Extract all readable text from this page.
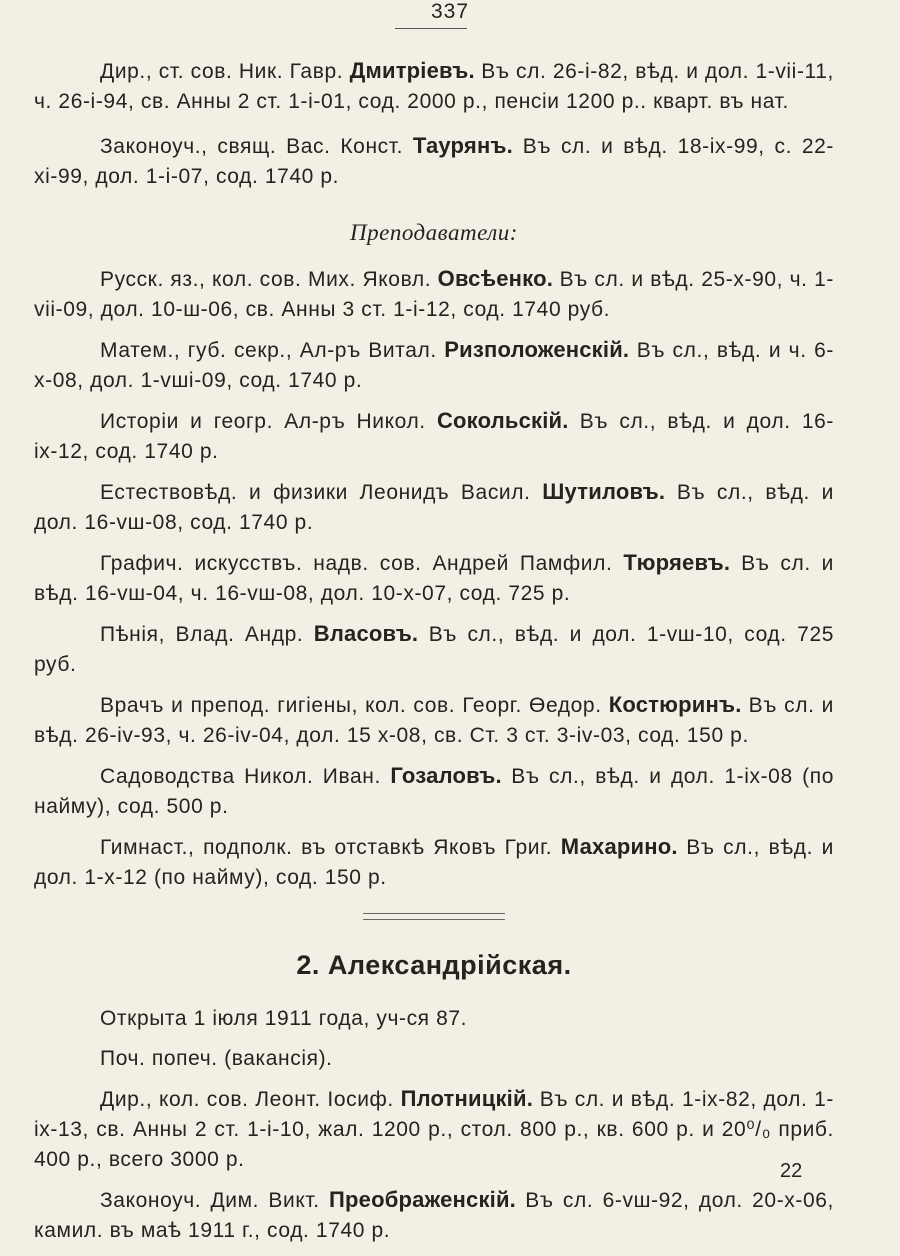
337

Дир., ст. сов. Ник. Гавр. Дмитріевъ. Въ сл. 26-і-82, вѣд. и дол. 1-vіі-11, ч. 26-і-94, св. Анны 2 ст. 1-і-01, сод. 2000 р., пенсіи 1200 р.. кварт. въ нат.

Законоуч., свящ. Вас. Конст. Таурянъ. Въ сл. и вѣд. 18-іх-99, с. 22-хі-99, дол. 1-і-07, сод. 1740 р.

Преподаватели:

Русск. яз., кол. сов. Мих. Яковл. Овсѣенко. Въ сл. и вѣд. 25-х-90, ч. 1-vіі-09, дол. 10-ш-06, св. Анны 3 ст. 1-і-12, сод. 1740 руб.

Матем., губ. секр., Ал-ръ Витал. Ризположенскій. Въ сл., вѣд. и ч. 6-х-08, дол. 1-vші-09, сод. 1740 р.

Исторіи и геогр. Ал-ръ Никол. Сокольскій. Въ сл., вѣд. и дол. 16-іх-12, сод. 1740 р.

Естествовѣд. и физики Леонидъ Васил. Шутиловъ. Въ сл., вѣд. и дол. 16-vш-08, сод. 1740 р.

Графич. искусствъ. надв. сов. Андрей Памфил. Тюряевъ. Въ сл. и вѣд. 16-vш-04, ч. 16-vш-08, дол. 10-х-07, сод. 725 р.

Пѣнія, Влад. Андр. Власовъ. Въ сл., вѣд. и дол. 1-vш-10, сод. 725 руб.

Врачъ и препод. гигіены, кол. сов. Георг. Өедор. Костюринъ. Въ сл. и вѣд. 26-іv-93, ч. 26-іv-04, дол. 15 х-08, св. Ст. 3 ст. 3-іv-03, сод. 150 р.

Садоводства Никол. Иван. Гозаловъ. Въ сл., вѣд. и дол. 1-іх-08 (по найму), сод. 500 р.

Гимнаст., подполк. въ отставкѣ Яковъ Григ. Махарино. Въ сл., вѣд. и дол. 1-х-12 (по найму), сод. 150 р.

2. Александрійская.

Открыта 1 іюля 1911 года, уч-ся 87.

Поч. попеч. (вакансія).

Дир., кол. сов. Леонт. Іосиф. Плотницкій. Въ сл. и вѣд. 1-іх-82, дол. 1-іх-13, св. Анны 2 ст. 1-і-10, жал. 1200 р., стол. 800 р., кв. 600 р. и 20⁰/₀ приб. 400 р., всего 3000 р.

Законоуч. Дим. Викт. Преображенскій. Въ сл. 6-vш-92, дол. 20-х-06, камил. въ маѣ 1911 г., сод. 1740 р.

22
